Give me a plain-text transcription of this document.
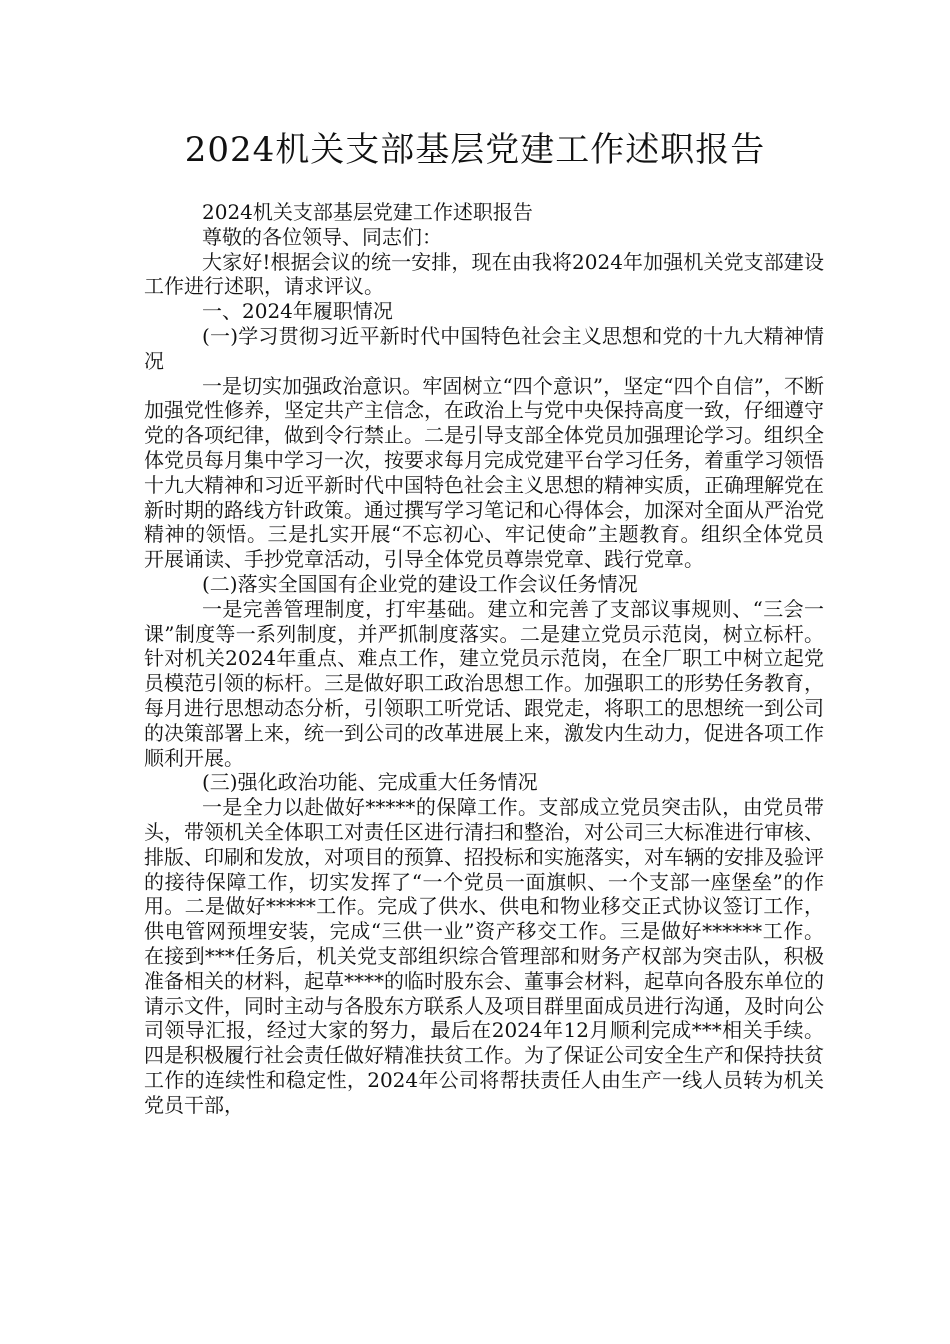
2024机关支部基层党建工作述职报告

2024机关支部基层党建工作述职报告

尊敬的各位领导、同志们：

大家好!根据会议的统一安排，现在由我将2024年加强机关党支部建设工作进行述职，请求评议。

一、2024年履职情况

(一)学习贯彻习近平新时代中国特色社会主义思想和党的十九大精神情况

一是切实加强政治意识。牢固树立“四个意识”，坚定“四个自信”，不断加强党性修养，坚定共产主信念，在政治上与党中央保持高度一致，仔细遵守党的各项纪律，做到令行禁止。二是引导支部全体党员加强理论学习。组织全体党员每月集中学习一次，按要求每月完成党建平台学习任务，着重学习领悟十九大精神和习近平新时代中国特色社会主义思想的精神实质，正确理解党在新时期的路线方针政策。通过撰写学习笔记和心得体会，加深对全面从严治党精神的领悟。三是扎实开展“不忘初心、牢记使命”主题教育。组织全体党员开展诵读、手抄党章活动，引导全体党员尊崇党章、践行党章。

(二)落实全国国有企业党的建设工作会议任务情况

一是完善管理制度，打牢基础。建立和完善了支部议事规则、“三会一课”制度等一系列制度，并严抓制度落实。二是建立党员示范岗，树立标杆。针对机关2024年重点、难点工作，建立党员示范岗，在全厂职工中树立起党员模范引领的标杆。三是做好职工政治思想工作。加强职工的形势任务教育，每月进行思想动态分析，引领职工听党话、跟党走，将职工的思想统一到公司的决策部署上来，统一到公司的改革进展上来，激发内生动力，促进各项工作顺利开展。

(三)强化政治功能、完成重大任务情况

一是全力以赴做好*****的保障工作。支部成立党员突击队，由党员带头，带领机关全体职工对责任区进行清扫和整治，对公司三大标准进行审核、排版、印刷和发放，对项目的预算、招投标和实施落实，对车辆的安排及验评的接待保障工作，切实发挥了“一个党员一面旗帜、一个支部一座堡垒”的作用。二是做好*****工作。完成了供水、供电和物业移交正式协议签订工作，供电管网预埋安装，完成“三供一业”资产移交工作。三是做好******工作。在接到***任务后，机关党支部组织综合管理部和财务产权部为突击队，积极准备相关的材料，起草****的临时股东会、董事会材料，起草向各股东单位的请示文件，同时主动与各股东方联系人及项目群里面成员进行沟通，及时向公司领导汇报，经过大家的努力，最后在2024年12月顺利完成***相关手续。四是积极履行社会责任做好精准扶贫工作。为了保证公司安全生产和保持扶贫工作的连续性和稳定性，2024年公司将帮扶责任人由生产一线人员转为机关党员干部，
